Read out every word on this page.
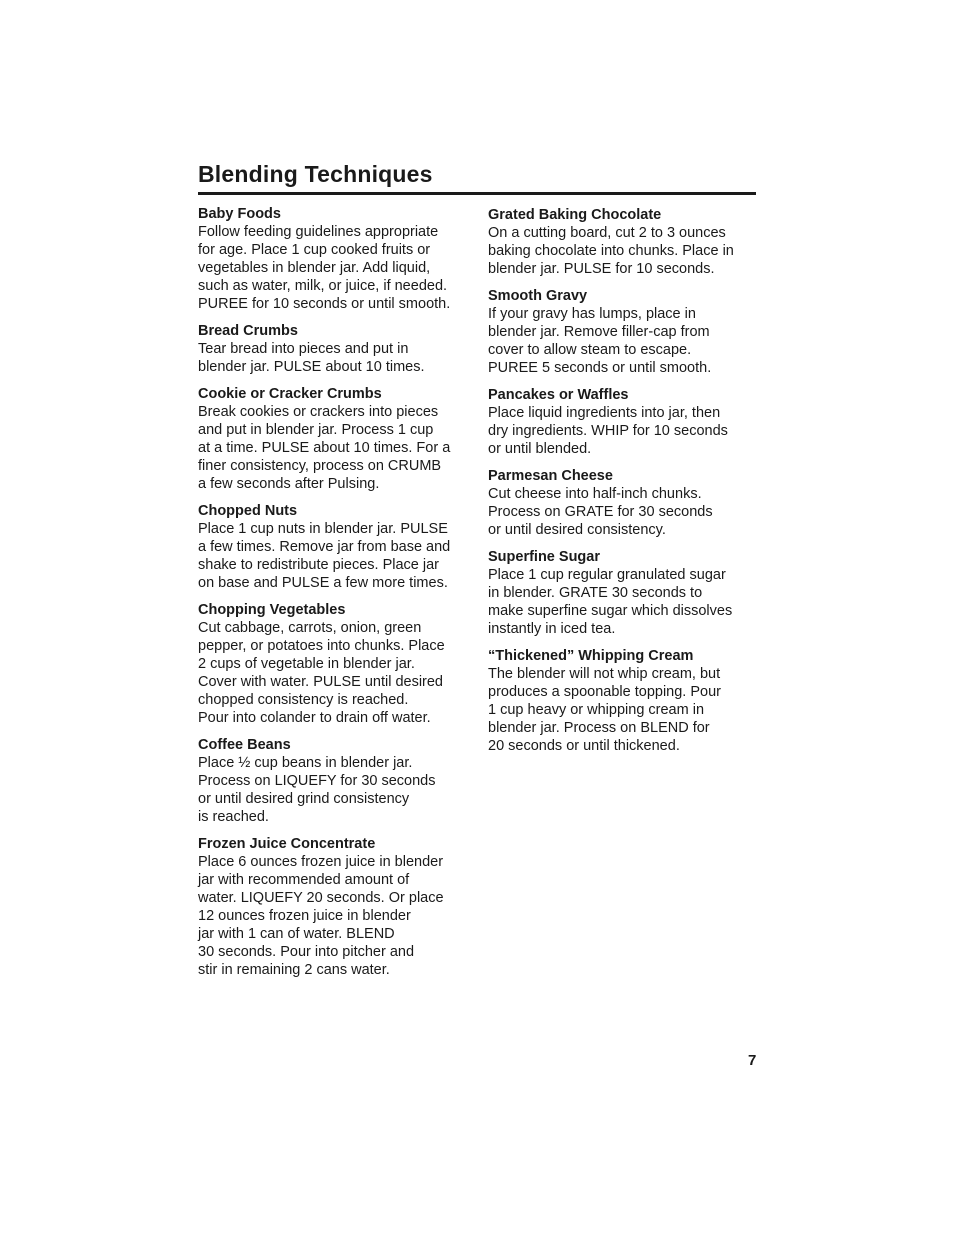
Blending Techniques
Baby Foods
Follow feeding guidelines appropriate
for age. Place 1 cup cooked fruits or
vegetables in blender jar. Add liquid,
such as water, milk, or juice, if needed.
PUREE for 10 seconds or until smooth.
Bread Crumbs
Tear bread into pieces and put in
blender jar. PULSE about 10 times.
Cookie or Cracker Crumbs
Break cookies or crackers into pieces
and put in blender jar. Process 1 cup
at a time. PULSE about 10 times. For a
finer consistency, process on CRUMB
a few seconds after Pulsing.
Chopped Nuts
Place 1 cup nuts in blender jar. PULSE
a few times. Remove jar from base and
shake to redistribute pieces. Place jar
on base and PULSE a few more times.
Chopping Vegetables
Cut cabbage, carrots, onion, green
pepper, or potatoes into chunks. Place
2 cups of vegetable in blender jar.
Cover with water. PULSE until desired
chopped consistency is reached.
Pour into colander to drain off water.
Coffee Beans
Place ½ cup beans in blender jar.
Process on LIQUEFY for 30 seconds
or until desired grind consistency
is reached.
Frozen Juice Concentrate
Place 6 ounces frozen juice in blender
jar with recommended amount of
water. LIQUEFY 20 seconds. Or place
12 ounces frozen juice in blender
jar with 1 can of water. BLEND
30 seconds. Pour into pitcher and
stir in remaining 2 cans water.
Grated Baking Chocolate
On a cutting board, cut 2 to 3 ounces
baking chocolate into chunks. Place in
blender jar. PULSE for 10 seconds.
Smooth Gravy
If your gravy has lumps, place in
blender jar. Remove filler-cap from
cover to allow steam to escape.
PUREE 5 seconds or until smooth.
Pancakes or Waffles
Place liquid ingredients into jar, then
dry ingredients. WHIP for 10 seconds
or until blended.
Parmesan Cheese
Cut cheese into half-inch chunks.
Process on GRATE for 30 seconds
or until desired consistency.
Superfine Sugar
Place 1 cup regular granulated sugar
in blender. GRATE 30 seconds to
make superfine sugar which dissolves
instantly in iced tea.
“Thickened” Whipping Cream
The blender will not whip cream, but
produces a spoonable topping. Pour
1 cup heavy or whipping cream in
blender jar. Process on BLEND for
20 seconds or until thickened.
7
